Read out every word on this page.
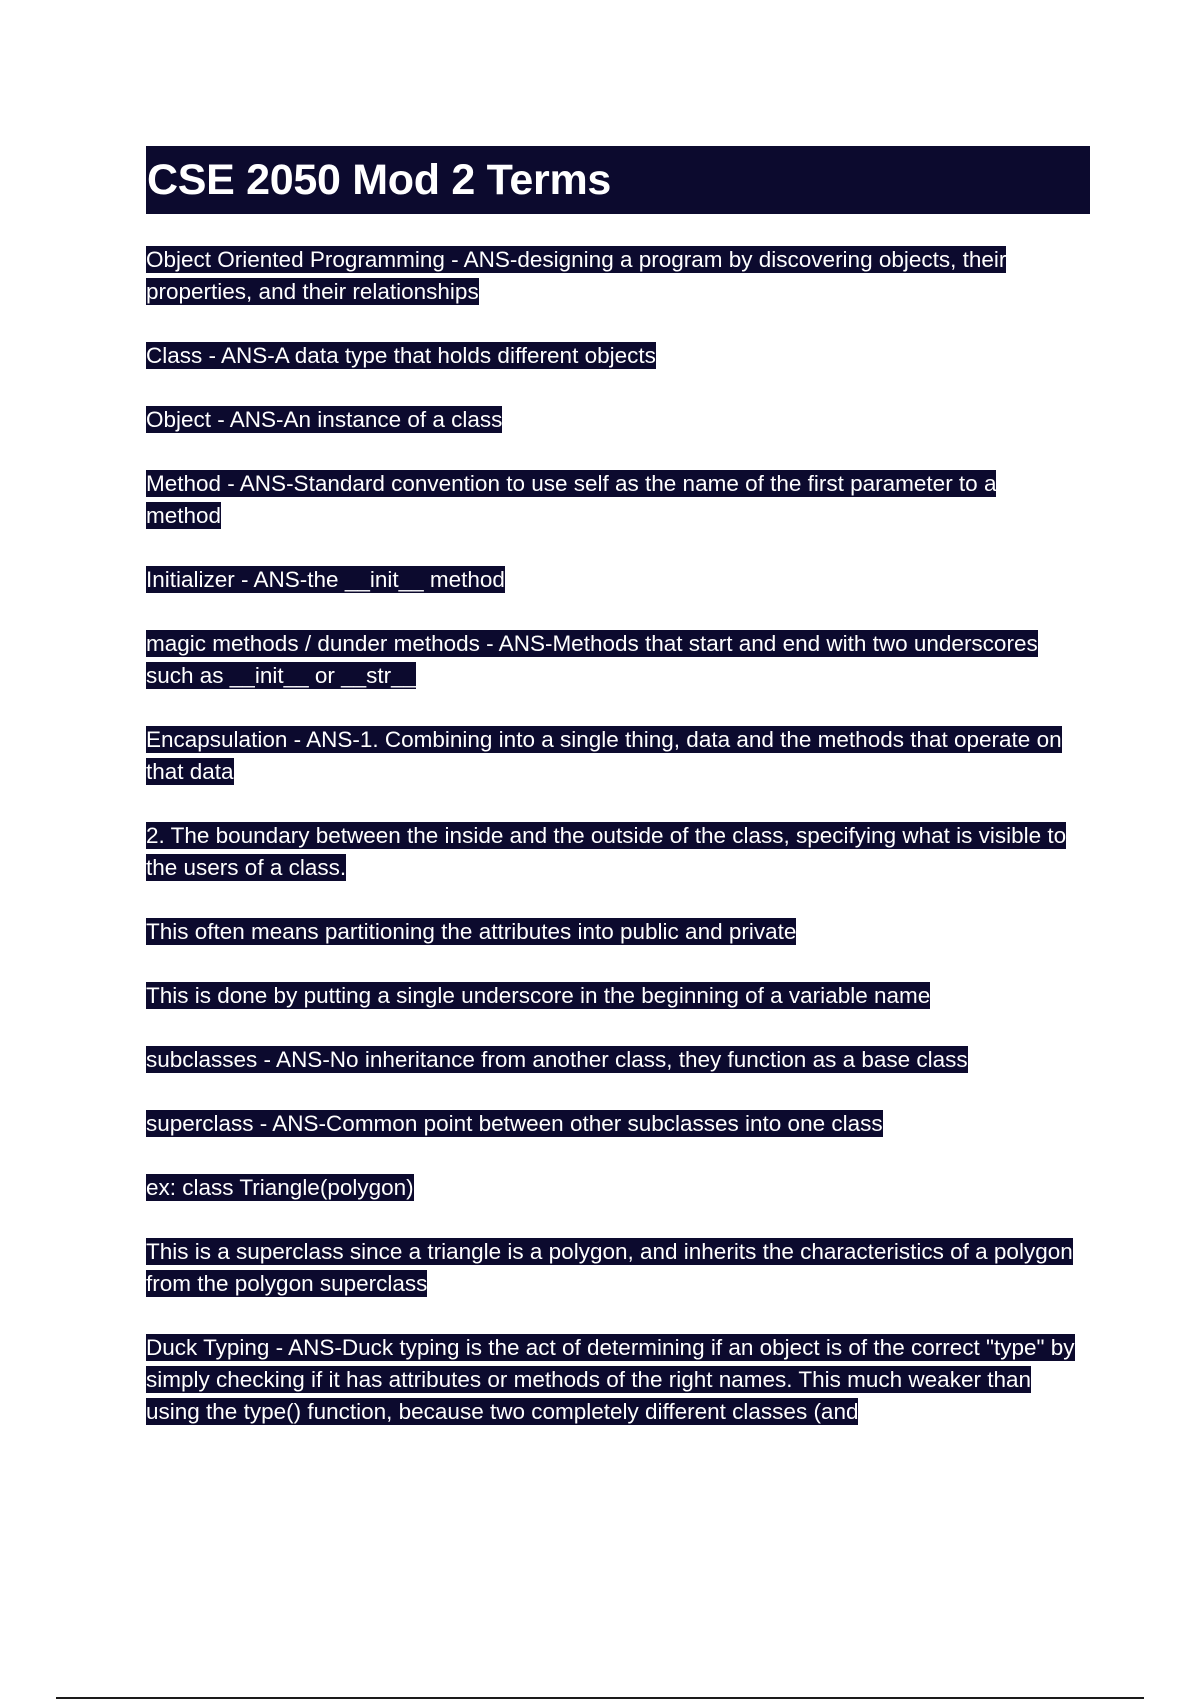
CSE 2050 Mod 2 Terms

Object Oriented Programming - ANS-designing a program by discovering objects, their properties, and their relationships

Class - ANS-A data type that holds different objects

Object - ANS-An instance of a class

Method - ANS-Standard convention to use self as the name of the first parameter to a method

Initializer - ANS-the __init__ method

magic methods / dunder methods - ANS-Methods that start and end with two underscores such as __init__ or __str__

Encapsulation - ANS-1. Combining into a single thing, data and the methods that operate on that data

2. The boundary between the inside and the outside of the class, specifying what is visible to the users of a class.

This often means partitioning the attributes into public and private

This is done by putting a single underscore in the beginning of a variable name

subclasses - ANS-No inheritance from another class, they function as a base class

superclass - ANS-Common point between other subclasses into one class

ex: class Triangle(polygon)

This is a superclass since a triangle is a polygon, and inherits the characteristics of a polygon from the polygon superclass

Duck Typing - ANS-Duck typing is the act of determining if an object is of the correct "type" by simply checking if it has attributes or methods of the right names. This much weaker than using the type() function, because two completely different classes (and
